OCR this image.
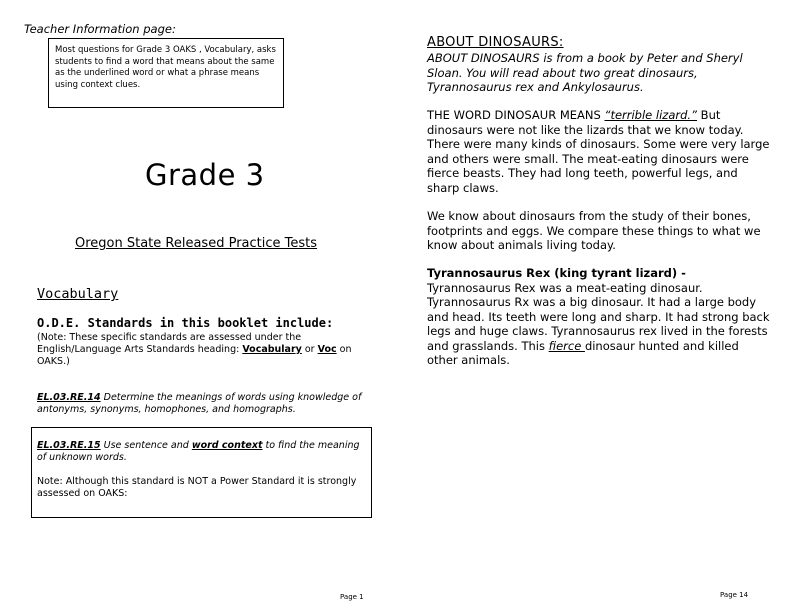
Teacher Information page:

Most questions for Grade 3 OAKS , Vocabulary, asks students to find a word that means about the same as the underlined word or what a phrase means using context clues.

Grade 3
Oregon State Released Practice Tests
Vocabulary
O.D.E. Standards in this booklet include:

(Note: These specific standards are assessed under the English/Language Arts Standards heading: Vocabulary or Voc on OAKS.)

EL.03.RE.14 Determine the meanings of words using knowledge of antonyms, synonyms, homophones, and homographs.

EL.03.RE.15 Use sentence and word context to find the meaning of unknown words.

Note: Although this standard is NOT a Power Standard it is strongly assessed on OAKS:

Page 1
ABOUT DINOSAURS:

ABOUT DINOSAURS is from a book by Peter and Sheryl Sloan. You will read about two great dinosaurs, Tyrannosaurus rex and Ankylosaurus.

THE WORD DINOSAUR MEANS “terrible lizard.” But dinosaurs were not like the lizards that we know today. There were many kinds of dinosaurs. Some were very large and others were small. The meat-eating dinosaurs were fierce beasts. They had long teeth, powerful legs, and sharp claws.

We know about dinosaurs from the study of their bones, footprints and eggs. We compare these things to what we know about animals living today.

Tyrannosaurus Rex (king tyrant lizard) - Tyrannosaurus Rex was a meat-eating dinosaur. Tyrannosaurus Rx was a big dinosaur. It had a large body and head. Its teeth were long and sharp. It had strong back legs and huge claws. Tyrannosaurus rex lived in the forests and grasslands. This fierce dinosaur hunted and killed other animals.

Page 14
